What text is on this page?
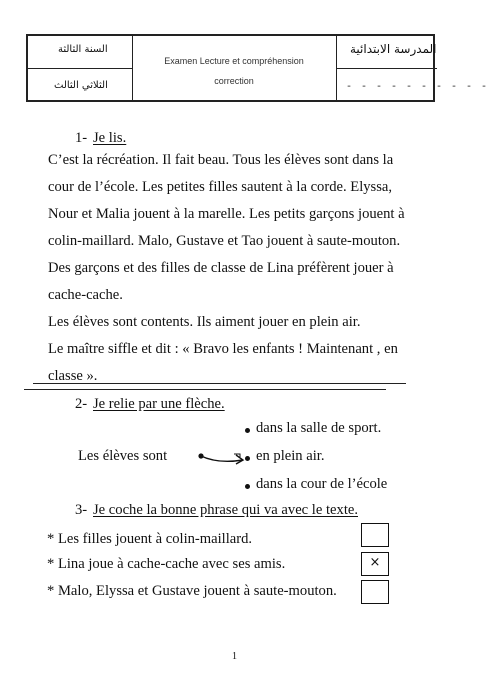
السنة الثالثة
الثلاثي الثالث
Examen Lecture et compréhension
correction
المدرسة الابتدائية
- - - - - - - - - -
1- Je lis.
C’est la récréation. Il fait beau. Tous les élèves sont dans la
cour de l’école. Les petites filles sautent à la corde. Elyssa,
Nour et Malia jouent à la marelle. Les petits garçons jouent à
colin-maillard. Malo, Gustave et Tao jouent à saute-mouton.
Des garçons et des filles de classe de Lina préfèrent jouer à
cache-cache.
Les élèves sont contents. Ils aiment jouer en plein air.
Le maître siffle et dit : « Bravo les enfants ! Maintenant , en
classe ».
2- Je relie par une flèche.
Les élèves sont
dans la salle de sport.
en plein air.
dans la cour de l’école
3- Je coche la bonne phrase qui va avec le texte.
* Les filles jouent à colin-maillard.
* Lina joue à cache-cache avec ses amis.	×
* Malo, Elyssa et Gustave jouent à saute-mouton.
1
